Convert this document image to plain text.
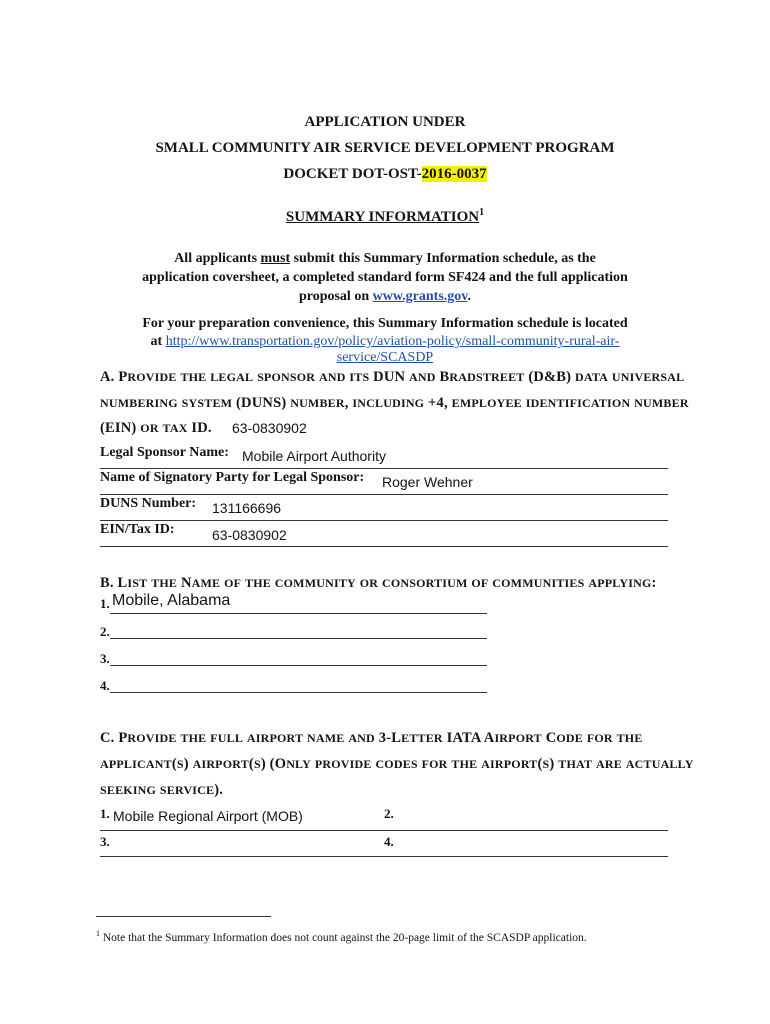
APPLICATION UNDER
SMALL COMMUNITY AIR SERVICE DEVELOPMENT PROGRAM
DOCKET DOT-OST-2016-0037
SUMMARY INFORMATION$^1$
All applicants must submit this Summary Information schedule, as the
application coversheet, a completed standard form SF424 and the full application
proposal on www.grants.gov.
For your preparation convenience, this Summary Information schedule is located
at http://www.transportation.gov/policy/aviation-policy/small-community-rural-air-
service/SCASDP
A. PROVIDE THE LEGAL SPONSOR AND ITS DUN AND BRADSTREET (D&B) DATA UNIVERSAL
NUMBERING SYSTEM (DUNS) NUMBER, INCLUDING +4, EMPLOYEE IDENTIFICATION NUMBER
(EIN) OR TAX ID. 63-0830902
Legal Sponsor Name: Mobile Airport Authority
Name of Signatory Party for Legal Sponsor: Roger Wehner
DUNS Number: 131166696
EIN/Tax ID:	63-0830902
B. LIST THE NAME OF THE COMMUNITY OR CONSORTIUM OF COMMUNITIES APPLYING:
1. Mobile, Alabama
2.
3.
4.
C. PROVIDE THE FULL AIRPORT NAME AND 3-LETTER IATA AIRPORT CODE FOR THE
APPLICANT(S) AIRPORT(S) (ONLY PROVIDE CODES FOR THE AIRPORT(S) THAT ARE ACTUALLY
SEEKING SERVICE).
1. Mobile Regional Airport (MOB)	2.
3.	4.
$^1$ Note that the Summary Information does not count against the 20-page limit of the SCASDP application.
